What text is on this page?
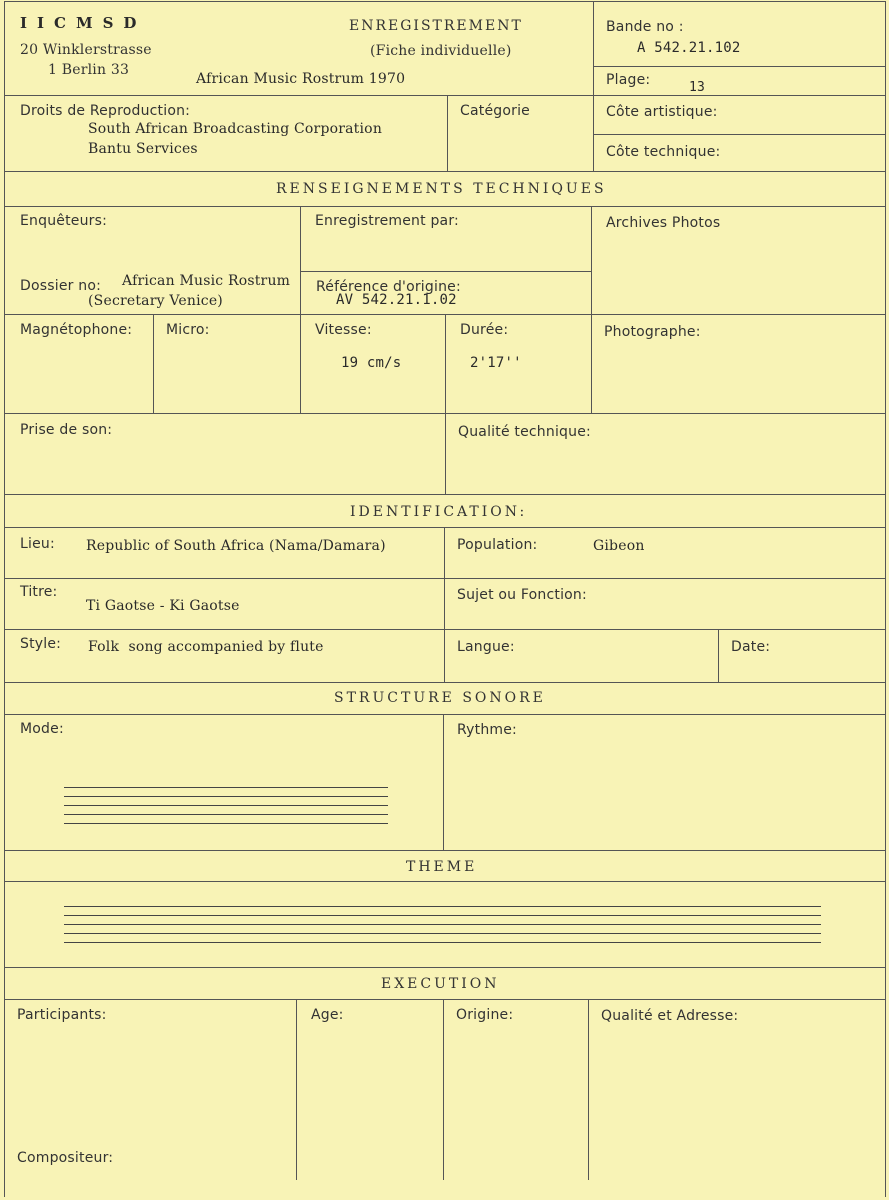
IICMSD
20 Winklerstrasse
1 Berlin 33
ENREGISTREMENT
(Fiche individuelle)
African Music Rostrum 1970
Bande no :
A 542.21.102
Plage:	13
Droits de Reproduction:
South African Broadcasting Corporation
Bantu Services
Catégorie	Côte artistique:
Côte technique:
RENSEIGNEMENTS TECHNIQUES
Enquêteurs:	Enregistrement par:	Archives Photos
Dossier no: African Music Rostrum
(Secretary Venice)
Référence d'origine:
AV 542.21.1.02
Magnétophone: Micro:	Vitesse:
19 cm/s
Durée:
2'17''
Photographe:
Prise de son:	Qualité technique:
IDENTIFICATION:
Lieu: Republic of South Africa (Nama/Damara)	Population:	Gibeon
Titre:
Ti Gaotse - Ki Gaotse
Sujet ou Fonction:
Style: Folk  song accompanied by flute	Langue:	Date:
STRUCTURE SONORE
Mode:	Rythme:
THEME
EXECUTION
Participants:	Age:	Origine:	Qualité et Adresse:
Compositeur:
